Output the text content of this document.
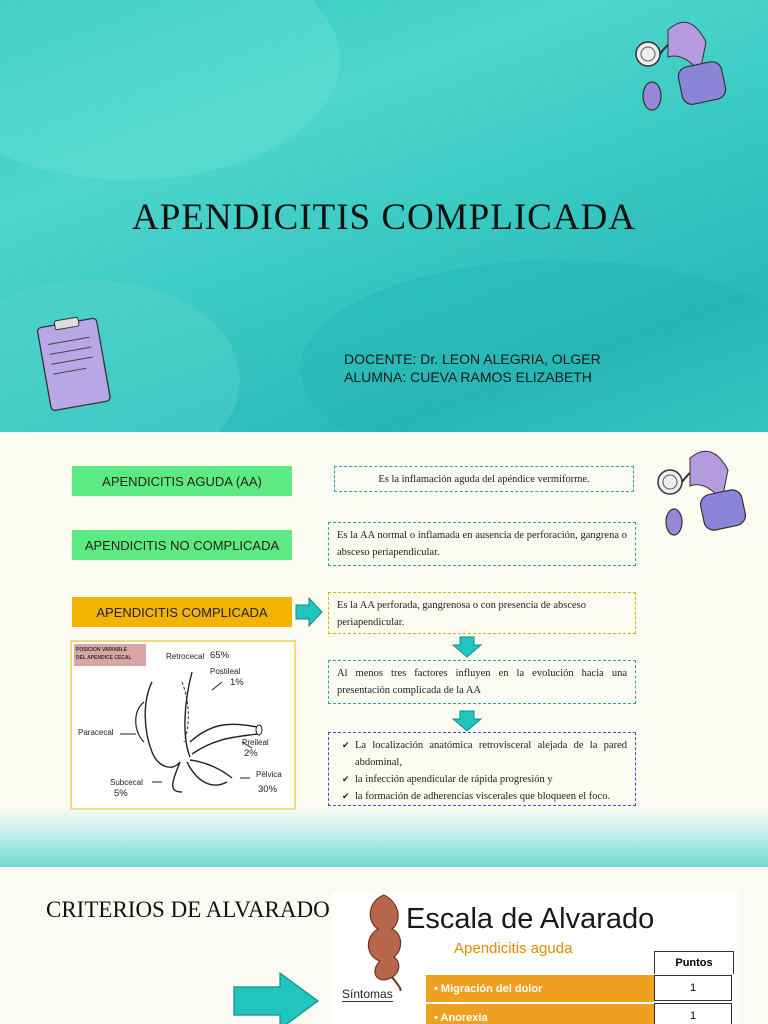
APENDICITIS COMPLICADA
DOCENTE: Dr. LEON ALEGRIA, OLGER
ALUMNA: CUEVA RAMOS ELIZABETH
APENDICITIS AGUDA (AA)	Es la inflamación aguda del apéndice vermiforme.
APENDICITIS NO COMPLICADA
Es la AA normal o inflamada en ausencia de perforación, gangrena o absceso periapendicular.
APENDICITIS COMPLICADA	Es la AA perforada, gangrenosa o con presencia de absceso periapendicular.
Al menos tres factores influyen en la evolución hacia una presentación complicada de la AA
✔ La localización anatómica retrovisceral alejada de la pared abdominal,
✔ la infección apendicular de rápida progresión y
✔ la formación de adherencias viscerales que bloqueen el foco.
POSICION VARIABLE
DEL APENDICE CECAL	Retrocecal 65%
Postileal
1%
Paracecal
Preileal
2%
Subcecal
5%
Pélvica
30%
CRITERIOS DE ALVARADO	Escala de Alvarado
Apendicitis aguda
Puntos
Síntomas	• Migración del dolor	1
• Anorexia	1
